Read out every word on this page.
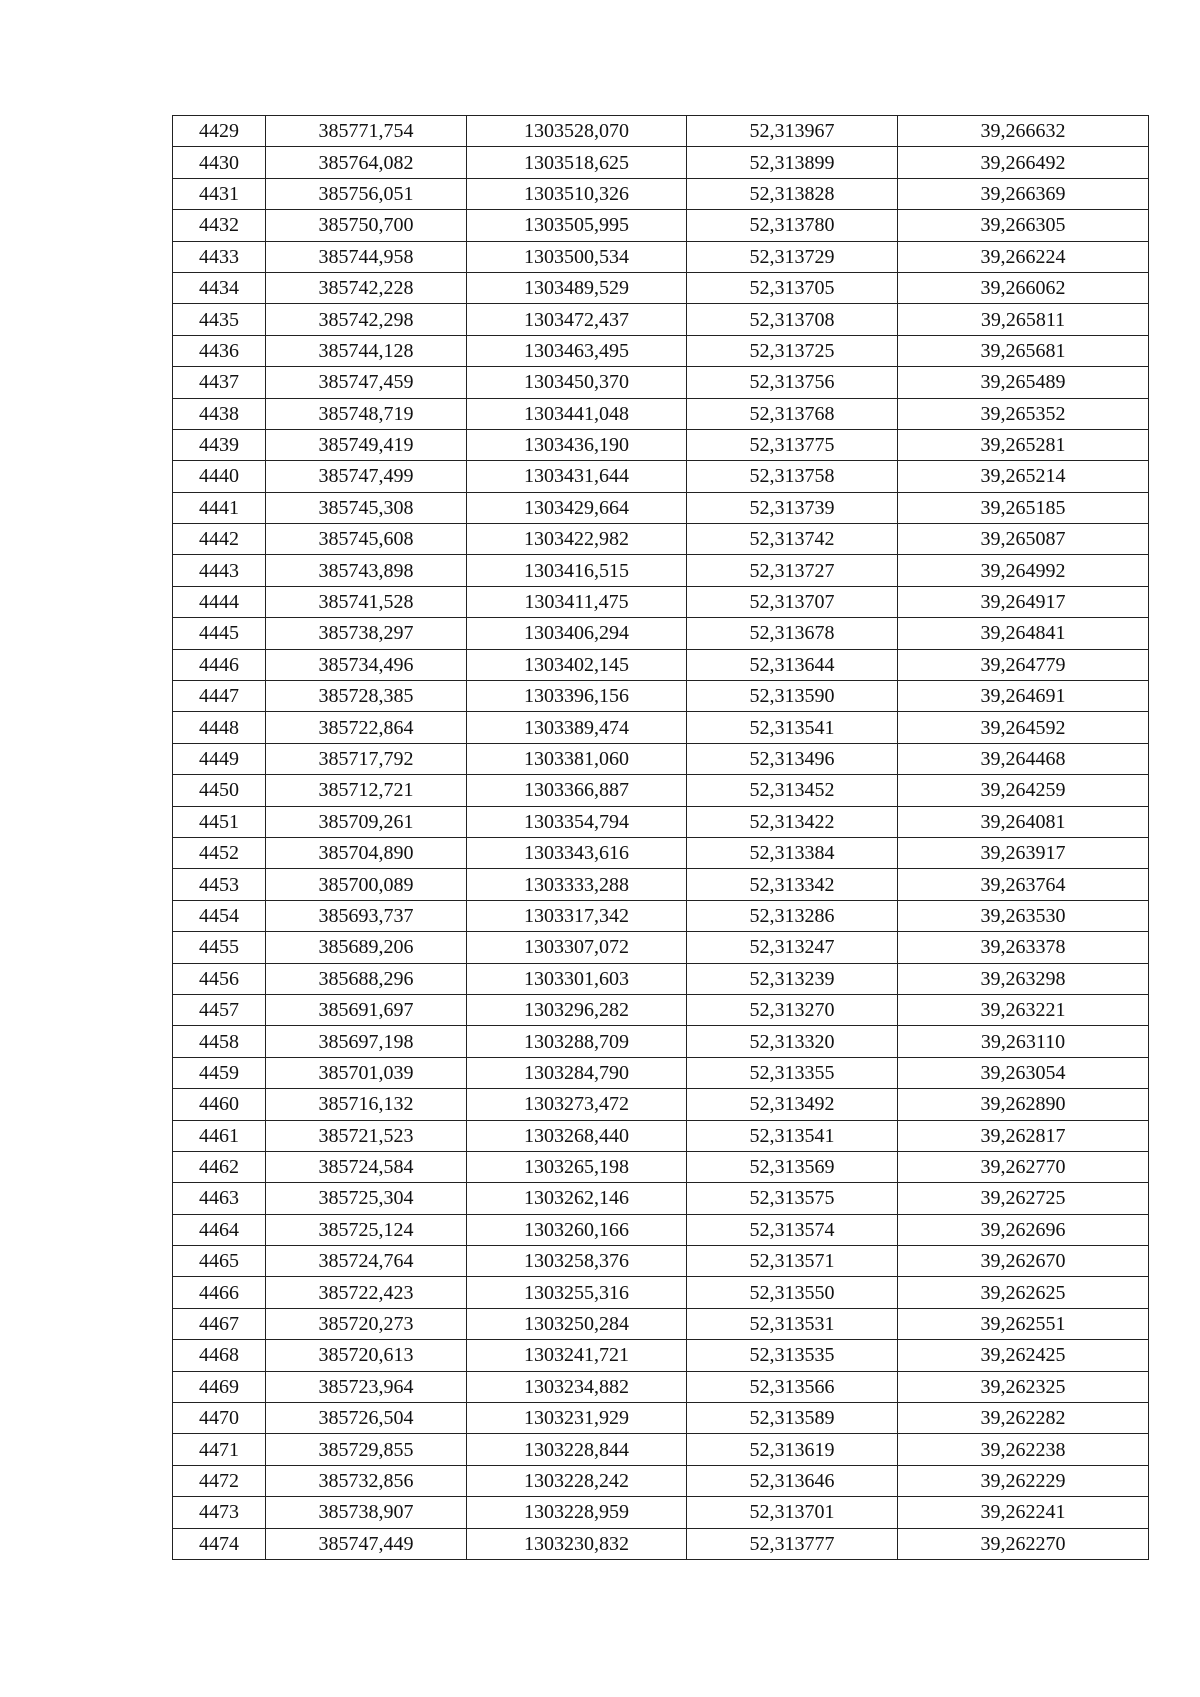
4429	385771,754	1303528,070	52,313967	39,266632
4430	385764,082	1303518,625	52,313899	39,266492
4431	385756,051	1303510,326	52,313828	39,266369
4432	385750,700	1303505,995	52,313780	39,266305
4433	385744,958	1303500,534	52,313729	39,266224
4434	385742,228	1303489,529	52,313705	39,266062
4435	385742,298	1303472,437	52,313708	39,265811
4436	385744,128	1303463,495	52,313725	39,265681
4437	385747,459	1303450,370	52,313756	39,265489
4438	385748,719	1303441,048	52,313768	39,265352
4439	385749,419	1303436,190	52,313775	39,265281
4440	385747,499	1303431,644	52,313758	39,265214
4441	385745,308	1303429,664	52,313739	39,265185
4442	385745,608	1303422,982	52,313742	39,265087
4443	385743,898	1303416,515	52,313727	39,264992
4444	385741,528	1303411,475	52,313707	39,264917
4445	385738,297	1303406,294	52,313678	39,264841
4446	385734,496	1303402,145	52,313644	39,264779
4447	385728,385	1303396,156	52,313590	39,264691
4448	385722,864	1303389,474	52,313541	39,264592
4449	385717,792	1303381,060	52,313496	39,264468
4450	385712,721	1303366,887	52,313452	39,264259
4451	385709,261	1303354,794	52,313422	39,264081
4452	385704,890	1303343,616	52,313384	39,263917
4453	385700,089	1303333,288	52,313342	39,263764
4454	385693,737	1303317,342	52,313286	39,263530
4455	385689,206	1303307,072	52,313247	39,263378
4456	385688,296	1303301,603	52,313239	39,263298
4457	385691,697	1303296,282	52,313270	39,263221
4458	385697,198	1303288,709	52,313320	39,263110
4459	385701,039	1303284,790	52,313355	39,263054
4460	385716,132	1303273,472	52,313492	39,262890
4461	385721,523	1303268,440	52,313541	39,262817
4462	385724,584	1303265,198	52,313569	39,262770
4463	385725,304	1303262,146	52,313575	39,262725
4464	385725,124	1303260,166	52,313574	39,262696
4465	385724,764	1303258,376	52,313571	39,262670
4466	385722,423	1303255,316	52,313550	39,262625
4467	385720,273	1303250,284	52,313531	39,262551
4468	385720,613	1303241,721	52,313535	39,262425
4469	385723,964	1303234,882	52,313566	39,262325
4470	385726,504	1303231,929	52,313589	39,262282
4471	385729,855	1303228,844	52,313619	39,262238
4472	385732,856	1303228,242	52,313646	39,262229
4473	385738,907	1303228,959	52,313701	39,262241
4474	385747,449	1303230,832	52,313777	39,262270
